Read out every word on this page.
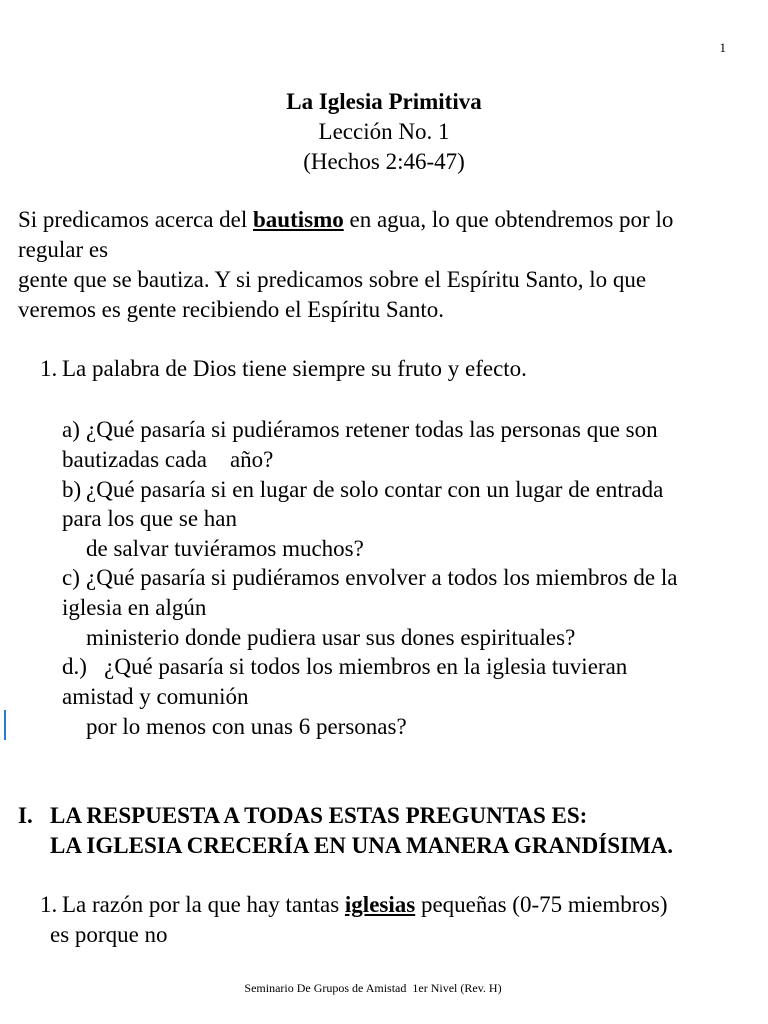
1
La Iglesia Primitiva
Lección No. 1
(Hechos 2:46-47)
Si predicamos acerca del bautismo en agua, lo que obtendremos por lo
regular es
gente que se bautiza. Y si predicamos sobre el Espíritu Santo, lo que
veremos es gente recibiendo el Espíritu Santo.
1. La palabra de Dios tiene siempre su fruto y efecto.
a) ¿Qué pasaría si pudiéramos retener todas las personas que son
bautizadas cada    año?
b) ¿Qué pasaría si en lugar de solo contar con un lugar de entrada
para los que se han
de salvar tuviéramos muchos?
c) ¿Qué pasaría si pudiéramos envolver a todos los miembros de la
iglesia en algún
ministerio donde pudiera usar sus dones espirituales?
d.)   ¿Qué pasaría si todos los miembros en la iglesia tuvieran
amistad y comunión
por lo menos con unas 6 personas?
I. LA RESPUESTA A TODAS ESTAS PREGUNTAS ES:
LA IGLESIA CRECERÍA EN UNA MANERA GRANDÍSIMA.
1. La razón por la que hay tantas iglesias pequeñas (0-75 miembros)
es porque no
Seminario De Grupos de Amistad  1er Nivel (Rev. H)
